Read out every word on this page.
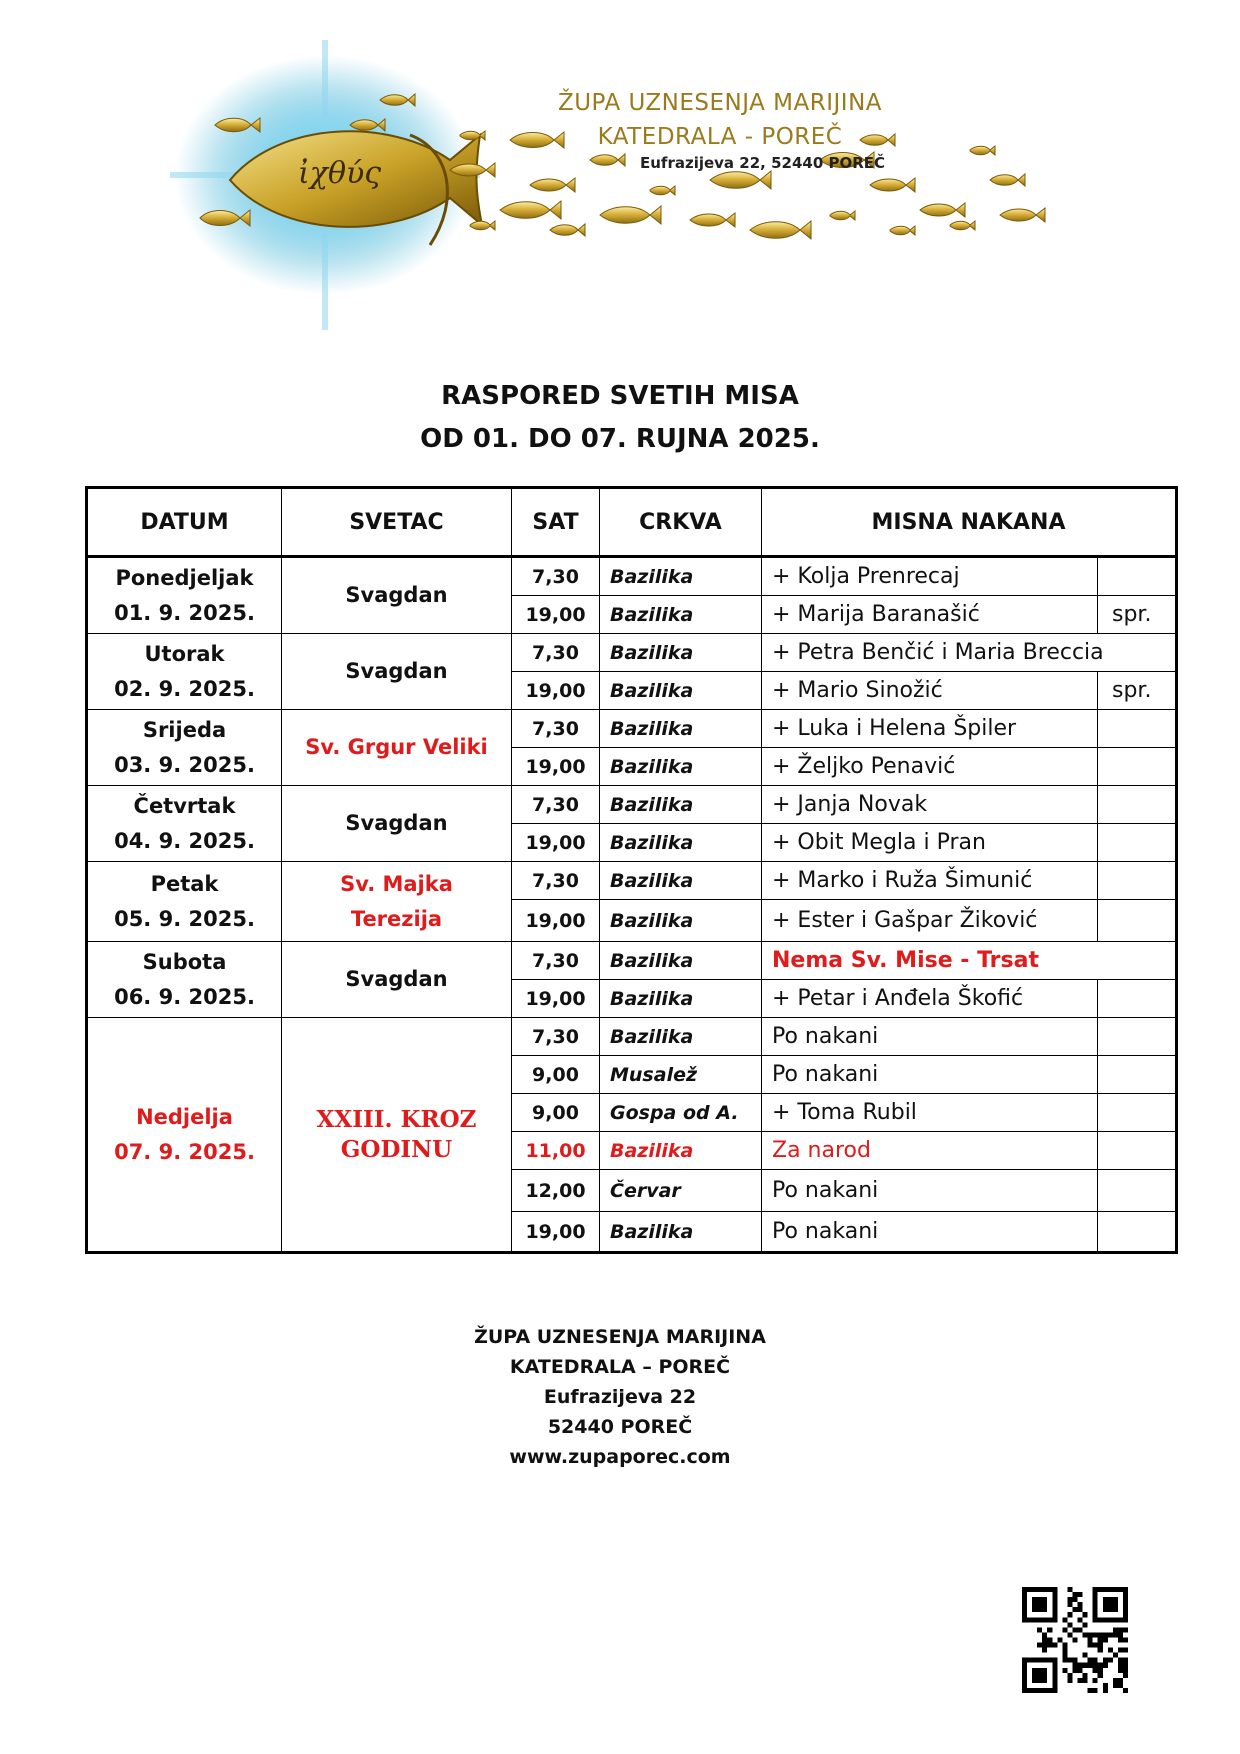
ἰχθύς
ŽUPA UZNESENJA MARIJINA
KATEDRALA - POREČ
Eufrazijeva 22, 52440 POREČ
RASPORED SVETIH MISA
OD 01. DO 07. RUJNA 2025.
DATUM	SVETAC	SAT	CRKVA	MISNA NAKANA

Ponedjeljak
01. 9. 2025.	Svagdan	7,30	Bazilika	+ Kolja Prenrecaj

		19,00	Bazilika	+ Marija Baranašić spr.

Utorak
02. 9. 2025.	Svagdan	7,30	Bazilika	+ Petra Benčić i Maria Breccia

		19,00	Bazilika	+ Mario Sinožić spr.

Srijeda
03. 9. 2025.	Sv. Grgur Veliki	7,30	Bazilika	+ Luka i Helena Špiler

		19,00	Bazilika	+ Željko Penavić

Četvrtak
04. 9. 2025.	Svagdan	7,30	Bazilika	+ Janja Novak

		19,00	Bazilika	+ Obit Megla i Pran

Petak
05. 9. 2025.	Sv. Majka Terezija	7,30	Bazilika	+ Marko i Ruža Šimunić

		19,00	Bazilika	+ Ester i Gašpar Žiković

Subota
06. 9. 2025.	Svagdan	7,30	Bazilika	Nema Sv. Mise - Trsat

		19,00	Bazilika	+ Petar i Anđela Škofić

Nedjelja
07. 9. 2025.	XXIII. KROZ GODINU	7,30	Bazilika	Po nakani

		9,00	Musalež	Po nakani

		9,00	Gospa od A.	+ Toma Rubil

		11,00	Bazilika	Za narod

		12,00	Červar	Po nakani

		19,00	Bazilika	Po nakani
ŽUPA UZNESENJA MARIJINA
KATEDRALA – POREČ
Eufrazijeva 22
52440 POREČ
www.zupaporec.com
